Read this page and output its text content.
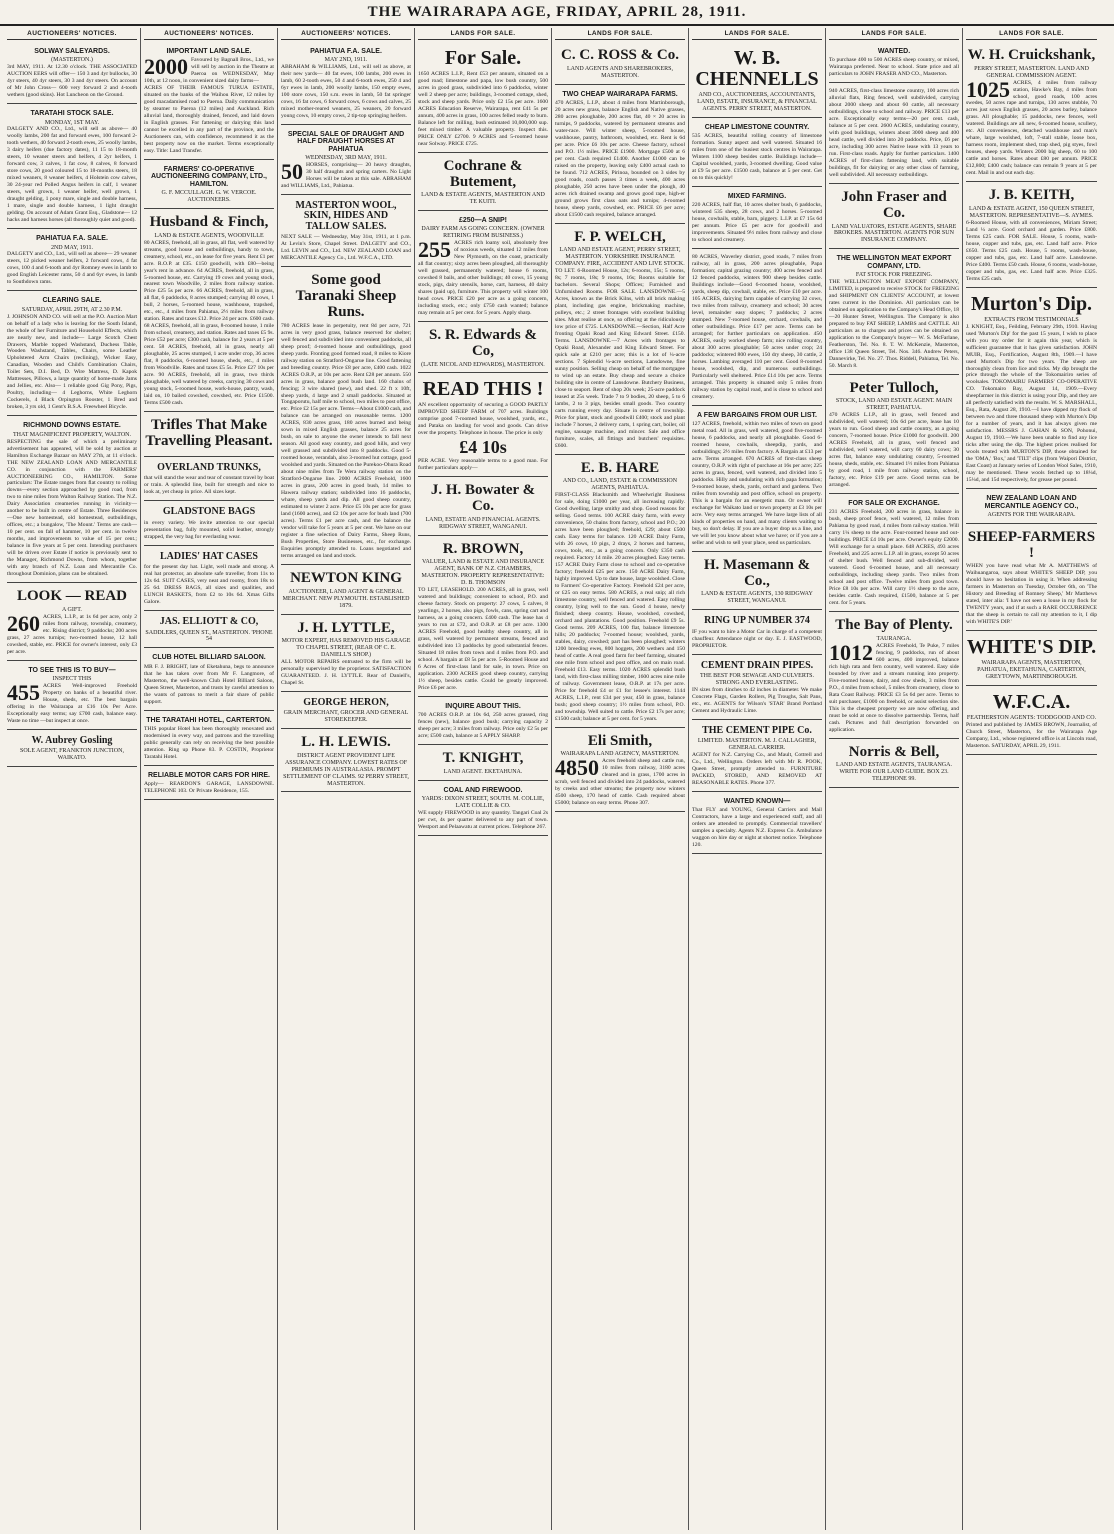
THE WAIRARAPA AGE, FRIDAY, APRIL 28, 1911.
AUCTIONEERS' NOTICES.
SOLWAY SALEYARDS.
(MASTERTON.)
3rd MAY, 1911. At 12.30 o'clock. THE ASSOCIATED AUCTION EERS will offer— 150 3 and 4yr bullocks, 30 4yr steers, 40 4yr steers, 30 3 and 4yr steers. On account of Mr John Cross— 600 very forward 2 and 4-tooth wethers (good skins). Hot Luncheon on the Ground.
TARATAHI STOCK SALE.
MONDAY, 1ST MAY.
DALGETY AND CO., Ltd., will sell as above— 40 woolly lambs, 200 fat and forward ewes, 100 forward 2-tooth wethers, 40 forward 2-tooth ewes, 25 woolly lambs, 3 dairy heifers (due factory dates), 11 15 to 18-month steers, 10 weaner steers and heifers, 4 2yr heifers, 1 forward cow, 3 calves, 1 fat cow, 8 calves, 8 forward store cows, 20 good coloured 15 to 18-months steers, 18 mixed weaners, 8 weaner heifers, 4 Holstein cow calves, 30 24-year red Polled Angus heifers in calf, 1 weaner steers, well grown, 1 weaner heifer, well grown, 1 draught gelding, 1 pony mare, single and double harness, 1 mare, single and double harness, 1 light draught gelding. On account of Adam Grant Esq., Gladstone— 12 hacks and harness horses (all thoroughly quiet and good).
PAHIATUA F.A. SALE.
2ND MAY, 1911.
DALGETY and CO., Ltd., will sell as above— 29 weaner steers, 12 picked weaner heifers, 2 forward cows, 4 fat cows, 100 4 and 6-tooth and 4yr Romney ewes in lamb to good English Leicester rams, 50 4 and 6yr ewes, in lamb to Southdown rams.
CLEARING SALE.
SATURDAY, APRIL 29TH, AT 2.30 P.M.
J. JOHNSON AND CO. will sell at the P.O. Auction Mart on behalf of a lady who is leaving for the South Island, the whole of her Furniture and Household Effects, which are nearly new, and include— Large Scotch Chest Drawers, Marble topped Washstand, Duchess Table, Wooden Washstand, Tables, Chairs, some Leather Upholstered Arm Chairs (reclining), Wicker Easy, Canadian, Wooden and Child's Combination Chairs, Toilet Sets, D.I. Bed, D. Wire Mattress, D. Kapok Mattresses, Pillows, a large quantity of home-made Jams and Jellies, etc. Also— 1 reliable good Gig Pony, Pigs, Poultry, including— 4 Leghorns, White Leghorn Cockerels, 4 Black Orpington Rooster, 1 Bred and broken, 3 yrs old, 1 Gent's B.S.A. Freewheel Bicycle.
RICHMOND DOWNS ESTATE.
THAT MAGNIFICENT PROPERTY, WALTON.
RESPECTING the sale of which a preliminary advertisement has appeared, will be sold by auction at Hamilton Exchange Bazaar on MAY 27th, at 11 o'clock. THE NEW ZEALAND LOAN AND MERCANTILE CO. in conjunction with the FARMERS' AUCTIONEERING CO., HAMILTON. Some particulars: The Estate ranges from flat country to rolling downs—every section approached by good road, from two to nine miles from Walton Railway Station. The N.Z. Dairy Association creameries running in vicinity—another to be built in centre of Estate. Three Residences —One new homestead, old homestead, outbuildings, offices, etc.; a bungalow, 'The Mount.' Terms are cash—10 per cent. on fall of hammer, 10 per cent. in twelve months, and improvements to value of 15 per cent.; balance in five years at 5 per cent. Intending purchasers will be driven over Estate if notice is previously sent to the Manager, Richmond Downs, from whom, together with any branch of N.Z. Loan and Mercantile Co. throughout Dominion, plans can be obtained.
LOOK — READ
A GIFT.
260 ACRES, L.I.P., at 1s 6d per acre, only 2 miles from railway, township, creamery, etc. Rising district; 9 paddocks; 200 acres grass, 27 acres turnips; two-roomed house, 12 hall cowshed, stable, etc. PRICE for owner's interest, only £3 per acre.
TO SEE THIS IS TO BUY—
INSPECT THIS
455 ACRES Well-improved Freehold Property on banks of a beautiful river. House, sheds, etc. The best bargain offering in the Wairarapa at £16 10s Per Acre. Exceptionally easy terms; say £700 cash, balance easy. Waste no time —but inspect at once.
W. Aubrey Gosling
SOLE AGENT, FRANKTON JUNCTION, WAIKATO.
AUCTIONEERS' NOTICES.
IMPORTANT LAND SALE.
2000 Favoured by Bagnall Bros., Ltd., we will sell by auction in the Theatre at Paeroa on WEDNESDAY, May 10th, at 12 noon, in convenient sized dairy farms—
ACRES OF THEIR FAMOUS TURUA ESTATE, situated on the banks of the Waihou River, 12 miles by good macadamised road to Paeroa. Daily communication by steamer to Paeroa (12 miles) and Auckland. Rich alluvial land, thoroughly drained, fenced, and laid down in English grasses. For fattening or dairying this land cannot be excelled in any part of the province, and the Auctioneers can, with confidence, recommend it as the best property now on the market. Terms exceptionally easy. Title: Land Transfer.
FARMERS' CO-OPERATIVE AUCTIONEERING COMPANY, LTD., HAMILTON.
G. F. MCCULLAGH. G. W. VERCOE. AUCTIONEERS.
Husband & Finch,
LAND & ESTATE AGENTS, WOODVILLE
80 ACRES, freehold, all in grass, all flat, well watered by streams, good house and outbuildings, handy to town, creamery, school, etc., on lease for five years. Rent £1 per acre. R.O.P. at £35. £150 goodwill, with £80—being year's rent in advance. 64 ACRES, freehold, all in grass, 5-roomed house, etc. Carrying 19 cows and young stock, nearest town Woodville, 2 miles from railway station. Price £25 5s per acre. 66 ACRES, freehold, all in grass, all flat, 6 paddocks, 8 acres stumped; carrying 40 cows, 1 bull, 2 horses, 5-roomed house, washhouse, trapshed, etc., etc., 4 miles from Pahiatua, 2½ miles from railway station. Rates and taxes £12. Price 24 per acre. £600 cash. 68 ACRES, freehold, all in grass, 8-roomed house, 1 mile from school, creamery, and station. Rates and taxes £5 9s. Price £52 per acre; £300 cash, balance for 2 years at 5 per cent. 58 ACRES, freehold, all in grass, nearly all ploughable, 25 acres stumped, 1 acre under crop, 36 acres flat, 8 paddocks, 6-roomed house, sheds, etc., 4 miles from Woodville. Rates and taxes £5 5s. Price £27 10s per acre. 90 ACRES, freehold, all in grass, two thirds ploughable, well watered by creeks, carrying 30 cows and young stock, 5-roomed house, work-house, pantry, wash, laid on, 10 bailed cowshed, cowshed, etc. Price £1500. Terms £500 cash.
Trifles That Make Travelling Pleasant.
OVERLAND TRUNKS,
that will stand the wear and tear of constant travel by boat or train. A splendid line, built for strength and nice to look at, yet cheap in price. All sizes kept.
GLADSTONE BAGS
in every variety. We invite attention to our special presentation bag, fully mounted, solid leather, strongly strapped, the very bag for everlasting wear.
LADIES' HAT CASES
for the present day hat. Light, well made and strong. A real hat protector, an absolute safe traveller, from 11s to 12s 6d. SUIT CASES, very neat and roomy, from 18s to 25 6d. DRESS BAGS, all sizes and qualities, and LUNCH BASKETS, from £2 to 10s 6d. Xmas Gifts Galore.
JAS. ELLIOTT & CO,
SADDLERS, QUEEN ST., MASTERTON. 'PHONE 54
CLUB HOTEL BILLIARD SALOON.
MR F. J. BRIGHT, late of Eketahuna, begs to announce that he has taken over from Mr F. Langmore, of Masterton, the well-known Club Hotel Billiard Saloon, Queen Street, Masterton, and trusts by careful attention to the wants of patrons to merit a fair share of public support.
THE TARATAHI HOTEL, CARTERTON.
THIS popular Hotel has been thoroughly renovated and modernised in every way, and patrons and the travelling public generally can rely on receiving the best possible attention. Ring up Phone 83. P. COSTIN, Proprietor Taratahi Hotel.
RELIABLE MOTOR CARS FOR HIRE.
Apply— REARDON'S GARAGE, LANSDOWNE. TELEPHONE 103. Or Private Residence, 155.
AUCTIONEERS' NOTICES.
PAHIATUA F.A. SALE.
MAY 2ND, 1911.
ABRAHAM & WILLIAMS, Ltd., will sell as above, at their new yards— 40 fat ewes, 100 lambs, 200 ewes in lamb, 60 2-tooth ewes, 50 4 and 6-tooth ewes, 250 4 and 6yr ewes in lamb, 200 woolly lambs, 150 empty ewes, 100 store cows, 150 s.m. ewes in lamb, 50 fat springer cows, 16 fat cows, 6 forward cows, 6 cows and calves, 25 mixed mother-reared weaners, 25 weaners, 20 forward young cows, 10 empty cows, 2 tip-top springing heifers.
SPECIAL SALE OF DRAUGHT AND HALF DRAUGHT HORSES AT PAHIATUA
WEDNESDAY, 3RD MAY, 1911.
50 HORSES, comprising— 20 heavy draughts, 30 half draughts and spring carters. No Light Horses will be taken at this sale. ABRAHAM and WILLIAMS, Ltd., Pahiatua.
MASTERTON WOOL, SKIN, HIDES AND TALLOW SALES.
NEXT SALE — Wednesday, May 31st, 1911, at 1 p.m. At Levin's Store, Chapel Street. DALGETY and CO., Ltd. LEVIN and CO., Ltd. NEW ZEALAND LOAN and MERCANTILE Agency Co., Ltd. W.F.C.A., LTD.
Some good Taranaki Sheep Runs.
780 ACRES lease in perpetuity, rent 8d per acre, 721 acres in very good grass, balance reserved for shelter; well fenced and subdivided into convenient paddocks, all sheep proof; 4-roomed house and outbuildings, good sheep yards. Fronting good formed road, 8 miles to Kiore railway station on Stratford-Ongarue line. Good fattening and breeding country. Price £8 per acre, £400 cash. 1022 ACRES O.R.P., at 10s per acre. Rent £28 per annum. 550 acres in grass, balance good bush land. 160 chains of fencing; 3 wire shared (new), and shed. 22 ft x 10ft, sheep yards, 4 large and 2 small paddocks. Situated at Tongaporutu, half mile to school, two miles to post office, etc. Price £2 15s per acre. Terms—About £1000 cash, and balance can be arranged on reasonable terms. 1200 ACRES, 830 acres grass, 180 acres burned and being sown in mixed English grasses, balance 25 acres for bush, on sale to anyone the owner intends to fall next season. All good easy country, and good hills, and very well grassed and subdivided into 8 paddocks. Good 5-roomed house, verandah, also 3-roomed hut cottage, good woolshed and yards. Situated on the Purekoo-Ohura Road about nine miles from Te Wera railway station on the Stratford-Ongarue line. 2000 ACRES Freehold, 1600 acres in grass, 200 acres in good bush, 14 miles to Hawera railway station; subdivided into 16 paddocks, whare, sheep yards and dip. All good sheep country, estimated to winter 2 acre. Price £5 10s per acre for grass land (1600 acres), and £2 10s per acre for bush land (700 acres). Terms £1 per acre cash, and the balance the vendor will take for 5 years at 5 per cent. We have on our register a fine selection of Dairy Farms, Sheep Runs, Bush Properties, Store Businesses, etc., for exchange. Enquiries promptly attended to. Loans negotiated and terms arranged on land and stock.
NEWTON KING
AUCTIONEER, LAND AGENT & GENERAL MERCHANT. NEW PLYMOUTH. ESTABLISHED 1879.
J. H. LYTTLE,
MOTOR EXPERT, HAS REMOVED HIS GARAGE TO CHAPEL STREET, (REAR OF C. E. DANIELL'S SHOP.)
ALL MOTOR REPAIRS entrusted to the firm will be personally supervised by the proprietor. SATISFACTION GUARANTEED. J. H. LYTTLE. Rear of Daniell's, Chapel St.
GEORGE HERON,
GRAIN MERCHANT, GROCER AND GENERAL STOREKEEPER.
L. H. LEWIS.
DISTRICT AGENT PROVIDENT LIFE ASSURANCE COMPANY. LOWEST RATES OF PREMIUMS IN AUSTRALASIA. PROMPT SETTLEMENT OF CLAIMS. 92 PERRY STREET, MASTERTON.
LANDS FOR SALE.
For Sale.
1650 ACRES L.I.P., Rent £53 per annum, situated on a good road; limestone and papa, low bush country, 500 acres in good grass, subdivided into 6 paddocks, winter well 2 sheep per acre; buildings, 3-roomed cottage, shed, stock and sheep yards. Price only £2 15s per acre. 1600 ACRES Education Reserve, Wairarapa, rent £41 5s per annum, 400 acres in grass, 100 acres felled ready to burn. Balance left for milling, bush estimated 10,000,000 sup. feet mixed timber. A valuable property. Inspect this. PRICE ONLY £2700. 9 ACRES and 5-roomed house near Solway. PRICE £725.
Cochrane & Butement,
LAND & ESTATE AGENTS, MASTERTON AND TE KUITI.
£250—A SNIP!
DAIRY FARM AS GOING CONCERN. (OWNER RETIRING FROM BUSINESS.)
255 ACRES rich loamy soil, absolutely free of noxious weeds, situated 12 miles from New Plymouth, on the coast, practically all flat country; sixty acres been ploughed, all thoroughly well grassed, permanently watered; house 6 rooms, cowshed 8 bails, and other buildings; 40 cows, 15 young stock, pigs, dairy utensils, horse, cart, harness, 40 dairy shares (paid up), furniture. This property will winter 100 head cows. PRICE £20 per acre as a going concern, including stock, etc.; only £750 cash wanted; balance may remain at 5 per cent. for 5 years. Apply sharp.
S. R. Edwards & Co,
(LATE NICOL AND EDWARDS), MASTERTON.
READ THIS !
AN excellent opportunity of securing a GOOD PARTLY IMPROVED SHEEP FARM of 707 acres. Buildings comprise good 7-roomed house, woolshed, yards, etc., and Pataka on landing for wool and goods. Can drive over the property. Telephone in house. The price is only
£4 10s
PER ACRE. Very reasonable terms to a good man. For further particulars apply—
J. H. Bowater & Co.
LAND, ESTATE AND FINANCIAL AGENTS. RIDGWAY STREET, WANGANUI.
R. BROWN,
VALUER, LAND & ESTATE AND INSURANCE AGENT, BANK OF N.Z. CHAMBERS, MASTERTON. PROPERTY REPRESENTATIVE: D. B. THOMSON
TO LET, LEASEHOLD. 200 ACRES, all in grass, well watered and buildings; convenient to school, P.O. and cheese factory. Stock on property: 27 cows, 5 calves, 8 yearlings, 2 horses, also pigs, fowls, cans, spring cart and harness, as a going concern. £400 cash. The lease has 4 years to run at £72, and O.R.P. at £8 per acre. 1300 ACRES Freehold, good healthy sheep country, all in grass, well watered by permanent streams, fenced and subdivided into 13 paddocks by good substantial fences. Situated 18 miles from town and 4 miles from P.O. and school. A bargain at £8 5s per acre. 5-Roomed House and 6 Acres of first-class land for sale, in town. Price on application. 2300 ACRES good sheep country, carrying 1½ sheep, besides cattle. Could be greatly improved. Price £6 per acre.
INQUIRE ABOUT THIS.
700 ACRES O.R.P. at 10s 6d, 250 acres grassed, ring fences (new), balance good bush; carrying capacity 2 sheep per acre; 3 miles from railway. Price only £2 5s per acre; £500 cash, balance at 5 APPLY SHARP.
T. KNIGHT,
LAND AGENT. EKETAHUNA.
COAL AND FIREWOOD.
YARDS: DIXON STREET, SOUTH. M. COLLIE, LATE COLLIE & CO.
WE supply FIREWOOD in any quantity. Tangari Coal 2s per cwt, 4s per quarter delivered to any part of town. Westport and Pelaawatu at current prices. Telephone 267.
LANDS FOR SALE.
C. C. ROSS & Co.
LAND AGENTS AND SHAREBROKERS, MASTERTON.
TWO CHEAP WAIRARAPA FARMS.
470 ACRES, L.I.P., about 4 miles from Martinborough, 20 acres new grass, balance English and Native grasses, 280 acres ploughable, 200 acres flat, 40 × 20 acres in turnips, 9 paddocks, watered by permanent streams and water-race. Will winter sheep, 5-roomed house, washhouse, pantry, bathroom, woolshed, etc. Rent is 6d per acre. Price £6 10s per acre. Cheese factory, school and P.O. 1½ miles. PRICE £1900. Mortgage £500 at 6 per cent. Cash required £1400. Another £1000 can be raised on the property, leaving only £400 actual cash to be found. 712 ACRES, Pirinoa, bounded on 3 sides by good roads, coach passes 3 times a week, 400 acres ploughable, 250 acres have been under the plough, 40 acres rich drained swamp and grows good rape, high-er ground grows first class oats and turnips; 4-roomed house, sheep yards, cowshed, etc. PRICE £6 per acre; about £1500 cash required, balance arranged.
F. P. WELCH,
LAND AND ESTATE AGENT, PERRY STREET, MASTERTON. YORKSHIRE INSURANCE COMPANY. FIRE, ACCIDENT AND LIVE STOCK.
TO LET. 6-Roomed House, 12s; 6-rooms, 15s; 5 rooms, 8s; 7 rooms, 18s; 9 rooms, 16s; Rooms suitable for bachelors. Several Shops; Offices; Furnished and Unfurnished Rooms. FOR SALE. LANSDOWNE.—5 Acres, known as the Brick Kilns, with all brick making plant, including gas engine, brickmaking machine, pulleys, etc.; 2 street frontages with excellent building sites. Must realise at once, so offering at the ridiculously low price of £725. LANSDOWNE.—Section, Half Acre fronting Opaki Road and King Edward Street. £150. Terms. LANSDOWNE.—7 Acres with frontages to Opaki Road, Alexander and King Edward Street. For quick sale at £210 per acre; this is a lot of ¼-acre sections. 7 Splendid ¼-acre sections, Lansdowne, fine sunny position. Selling cheap on behalf of the mortgagee to wind up an estate. Buy cheap and secure a choice building site in centre of Lansdowne. Butchery Business, close to seaport. Rent of shop 20s week; 25-acre paddock leased at 25s week. Trade 7 to 9 bodies, 20 sheep, 5 to 6 lambs, 2 to 3 pigs, besides small goods. Two country carts running every day. Situate in centre of township. Price for plant, stock and goodwill £400; stock and plant include 7 horses, 2 delivery carts, 1 spring cart, boiler, oil engine, sausage machine, and mincer. Sale and office furniture, scales, all fittings and butchers' requisites. £600.
E. B. HARE
AND CO., LAND, ESTATE & COMMISSION AGENTS, PAHIATUA.
FIRST-CLASS Blacksmith and Wheelwright Business for sale, doing £1000 per year, all increasing rapidly. Good dwelling, large smithy and shop. Good reasons for selling. Good terms. 100 ACRE dairy farm, with every convenience, 50 chains from factory, school and P.O.; 20 acres have been ploughed; freehold, £29; about £500 cash. Easy terms for balance. 120 ACRE Dairy Farm, with 26 cows, 10 pigs, 2 drays, 2 horses and harness, cows, tools, etc., as a going concern. Only £350 cash required. Factory 14 mile. 20 acres ploughed. Easy terms. 157 ACRE Dairy Farm close to school and co-operative factory; freehold £25 per acre. 150 ACRE Dairy Farm, highly improved. Up to date house, large woolshed. Close to Farmers' Co-operative Factory. Freehold £24 per acre, or £25 on easy terms. 580 ACRES, a real snip; all rich limestone country, well fenced and watered. Easy rolling country, lying well to the sun. Good 4 house, newly finished; sheep country. House, woolshed, cowshed, orchard and plantations. Good position. Freehold £9 5s. Good terms. 209 ACRES, 100 flat, balance limestone hills; 20 paddocks; 7-roomed house; woolshed, yards, stables, dairy, cowshed; part has been ploughed; winters 1200 breeding ewes, 800 hoggets, 200 wethers and 150 head of cattle. A real good farm for beef farming, situated one mile from school and post office, and on main road. Freehold £13. Easy terms. 1020 ACRES splendid bush land, with first-class milling timber, 1600 acres nine mile of railway. Government lease, O.R.P. at 17s per acre. Price for freehold £4 or £1 for lessee's interest. 1144 ACRES, L.I.P., rent £34 per year, 450 in grass, balance bush; good sheep country; 1½ miles from school, P.O. and township. Well suited to cattle. Price £2 17s per acre; £1500 cash; balance at 5 per cent. for 5 years.
Eli Smith,
WAIRARAPA LAND AGENCY, MASTERTON.
4850 Acres freehold sheep and cattle run, 10 miles from railway, 3180 acres cleared and in grass, 1700 acres in scrub, well fenced and divided into 24 paddocks, watered by creeks and other streams; the property now winters 4500 sheep, 170 head of cattle. Cash required about £5000; balance on easy terms. Phone 307.
LANDS FOR SALE.
W. B. CHENNELLS
AND CO., AUCTIONEERS, ACCOUNTANTS, LAND, ESTATE, INSURANCE, & FINANCIAL AGENTS. PERRY STREET, MASTERTON.
CHEAP LIMESTONE COUNTRY.
535 ACRES, beautiful rolling country of limestone formation. Sunny aspect and well watered. Situated 16 miles from one of the busiest stock centres in Wairarapa. Winters 1100 sheep besides cattle. Buildings include— Capital woolshed, yards, 3-roomed dwelling. Good value at £9 5s per acre. £1500 cash, balance at 5 per cent. Get on to this quickly!
MIXED FARMING.
220 ACRES, half flat, 10 acres shelter bush, 6 paddocks, wintered 535 sheep, 28 cows, and 2 horses. 5-roomed house, cowbails, stable, barn, piggery. L.I.P. at £7 15s 6d per annum. Price £5 per acre for goodwill and improvements. Situated 9½ miles from railway and close to school and creamery.
80 ACRES, Waverley district, good roads, 7 miles from railway, all in grass, 200 acres ploughable, Papa formation; capital grazing country; 400 acres fenced and 12 fenced paddocks, winters 900 sheep besides cattle. Buildings include—Good 6-roomed house, woolshed, yards, sheep dip, cowbail, stable, etc. Price £10 per acre. 105 ACRES, dairying farm capable of carrying 32 cows, two miles from railway, creamery and school; 30 acres level, remainder easy slopes; 7 paddocks; 2 acres stumped. New 7-roomed house, orchard, cowbails, and other outbuildings. Price £17 per acre. Terms can be arranged; for further particulars on application. 450 ACRES, easily worked sheep farm; nice rolling country, about 300 acres ploughable; 50 acres under crop; 24 paddocks; wintered 800 ewes, 150 dry sheep, 30 cattle, 2 horses. Lambing averaged 110 per cent. Good 8-roomed house, woolshed, dip, and numerous outbuildings. Particularly well sheltered. Price £14 10s per acre. Terms arranged. This property is situated only 5 miles from railway station by capital road, and is close to school and creamery.
A FEW BARGAINS FROM OUR LIST.
127 ACRES, freehold, within two miles of town on good metal road. All in grass, well watered, good five-roomed house, 6 paddocks, and nearly all ploughable. Good 6-roomed house, cowbails, sheepdip, yards, and outbuildings; 2½ miles from factory. A Bargain at £13 per acre. Terms arranged. 670 ACRES of first-class sheep country, O.R.P. with right of purchase at 16s per acre; 225 acres in grass, fenced, well watered, and divided into 5 paddocks. Hilly and undulating with rich papa formation; 9-roomed house, sheds, yards, orchard and gardens. Two miles from township and post office, school on property. This is a bargain for an energetic man. Or owner will exchange for Waikato land or town property at £3 10s per acre. Very easy terms arranged. We have large lists of all kinds of properties on hand, and many clients waiting to buy, so don't delay. If you are a buyer drop us a line, and we will let you know about what we have; or if you are a seller and wish to sell your place, send us particulars.
H. Masemann & Co.,
LAND & ESTATE AGENTS, 130 RIDGWAY STREET, WANGANUI.
RING UP NUMBER 374
IF you want to hire a Motor Car in charge of a competent chauffeur. Attendance night or day. E. J. EASTWOOD, PROPRIETOR.
CEMENT DRAIN PIPES.
THE BEST FOR SEWAGE AND CULVERTS. STRONG AND EVERLASTING.
IN sizes from 4inches to 42 inches in diameter. We make Concrete Flags, Garden Rollers, Pig Troughs, Salt Pans, etc., etc. AGENTS for Wilson's 'STAR' Brand Portland Cement and Hydraulic Lime.
THE CEMENT PIPE Co.
LIMITED. MASTERTON. M. J. CALLAGHER, GENERAL CARRIER.
AGENT for N.Z. Carrying Co., and Mault, Cottrell and Co., Ltd., Wellington. Orders left with Mr R. POOK, Queen Street, promptly attended to. FURNITURE PACKED, STORED, AND REMOVED AT REASONABLE RATES. Phone 377.
WANTED KNOWN—
That FLY and YOUNG, General Carriers and Mail Contractors, have a large and experienced staff, and all orders are attended to promptly. Commercial travellers' samples a specialty. Agents N.Z. Express Co. Ambulance waggon on hire day or night at shortest notice. Telephone 120.
LANDS FOR SALE.
WANTED.
To purchase 400 to 500 ACRES sheep country, or mixed, Wairarapa preferred. Near to school. State price and all particulars to JOHN FRASER AND CO., Masterton.
940 ACRES, first-class limestone country, 100 acres rich alluvial flats, Ring fenced, well subdivided, carrying about 2000 sheep and about 60 cattle, all necessary outbuildings, close to school and railway. PRICE £13 per acre. Exceptionally easy terms—20 per cent. cash, balance at 5 per cent. 2600 ACRES, undulating country, with good buildings, winters about 3000 sheep and 400 head cattle, well divided into 20 paddocks. Price, £6 per acre, including 300 acres Native lease with 13 years to run. First-class roads. Apply for further particulars. 1400 ACRES of first-class fattening land, with suitable buildings, fit for dairying or any other class of farming, well subdivided. All necessary outbuildings.
John Fraser and Co.
LAND VALUATORS, ESTATE AGENTS, SHARE BROKERS. MASTERTON. AGENTS FOR SUN INSURANCE COMPANY.
THE WELLINGTON MEAT EXPORT COMPANY, LTD.
FAT STOCK FOR FREEZING.
THE WELLINGTON MEAT EXPORT COMPANY, LIMITED, is prepared to receive STOCK for FREEZING and SHIPMENT ON CLIENTS' ACCOUNT, at lowest rates current in the Dominion. All particulars can be obtained on application to the Company's Head Office, 18—20 Hunter Street, Wellington. The Company is also prepared to buy FAT SHEEP, LAMBS and CATTLE. All particulars as to charges and prices can be obtained on application to the Company's buyer— W. S. McFarlane, Featherston, Tel. No. 8. T. W. McKenzie, Masterton, office 138 Queen Street, Tel. Nos. 346. Andrew Peters, Dannevirke, Tel. No. 27. Thos. Riddell, Pahiatua, Tel. No. 50. March 8.
Peter Tulloch,
STOCK, LAND AND ESTATE AGENT. MAIN STREET, PAHIATUA.
470 ACRES L.I.P., all in grass, well fenced and subdivided, well watered; 10s 6d per acre, lease has 10 years to run. Good sheep and cattle country, as a going concern, 7-roomed house. Price £1000 for goodwill. 200 ACRES Freehold, all in grass, well fenced and subdivided, well watered, will carry 60 dairy cows; 30 acres flat, balance easy undulating country, 5-roomed house, sheds, stable, etc. Situated 1½ miles from Pahiatua by good road, 1 mile from railway station, school, factory, etc. Price £19 per acre. Good terms can be arranged.
FOR SALE OR EXCHANGE.
231 ACRES Freehold, 200 acres in grass, balance in bush, sheep proof fence, well watered, 12 miles from Pahiatua by good road, 4 miles from railway station. Will carry 1¼ sheep to the acre. Four-roomed house and out-buildings. PRICE £4 10s per acre. Owner's equity £2000. Will exchange for a small place. 648 ACRES, 493 acres Freehold, and 225 acres L.I.P. all in grass, except 50 acres of shelter bush. Well fenced and sub-divided, well watered. Good 6-roomed house, and all necessary outbuildings, including sheep yards. Two miles from school and post office. Twelve miles from good town. Price £8 10s per acre. Will carry 1½ sheep to the acre, besides cattle. Cash required, £1500, balance at 5 per cent. for 5 years.
The Bay of Plenty.
TAURANGA.
1012 ACRES Freehold, Te Puke, 7 miles fencing, 9 paddocks, run of about 600 acres, 400 improved, balance rich high rata and fern country, well watered. Easy side bounded by river and a stream running into property. Five-roomed house, dairy, and cow sheds, 3 miles from P.O., 4 miles from school, 5 miles from creamery, close to Rata Coast Railway. PRICE £3 5s 6d per acre. Terms to suit purchaser, £1000 on freehold, or assist selection site. This is the cheapest property we are now offering, and must be sold at once to dissolve partnership. Terms, half cash. Pictures and full description forwarded on application.
Norris & Bell,
LAND AND ESTATE AGENTS, TAURANGA. WRITE FOR OUR LAND GUIDE. BOX 23. TELEPHONE 99.
LANDS FOR SALE.
W. H. Cruickshank,
PERRY STREET, MASTERTON. LAND AND GENERAL COMMISSION AGENT.
1025 ACRES, 4 miles from railway station, Hawke's Bay, 4 miles from school, good roads, 100 acres swedes, 50 acres rape and turnips, 130 acres stubble, 70 acres just sown English grasses, 20 acres barley, balance grass. All ploughable; 15 paddocks, new fences, well watered. Buildings are all new, 6-roomed house, scullery, etc. All conveniences, detached washhouse and man's whare, large woolshed, loft, 7-stall stable, loose box, harness room, implement shed, trap shed, pig styes, fowl houses, sheep yards. Winters 2000 big sheep, 60 to 100 cattle and horses. Rates about £80 per annum. PRICE £12,800; £400 cash; balance can remain 9 years at 5 per cent. Mail in and out each day.
J. B. KEITH,
LAND & ESTATE AGENT, 150 QUEEN STREET, MASTERTON. REPRESENTATIVE—S. AYMES.
6-Roomed House, with all conveniences, Miriam Street; Land ¼ acre. Good orchard and garden. Price £800. Terms £25 cash. FOR SALE. House, 5 rooms, wash-house, copper and tubs, gas, etc. Land half acre. Price £650. Terms £25 cash. House, 5 rooms, wash-house, copper and tubs, gas, etc. Land half acre. Lansdowne. Price £400. Terms £50 cash. House, 6 rooms, wash-house, copper and tubs, gas, etc. Land half acre. Price £325. Terms £25 cash.
Murton's Dip.
EXTRACTS FROM TESTIMONIALS
J. KNIGHT, Esq., Feilding, February 29th, 1910. Having used 'Murton's Dip' for the past 15 years, I wish to place with you my order for it again this year, which is sufficient guarantee that it has given satisfaction. JOHN MUIR, Esq., Fortification, August 8th, 1909.—I have used Murton's Dip for two years. The sheep are thoroughly clean from lice and ticks. My dip brought the price through the whole of the Tokomairiro series of woolsales. TOKOMAIRU FARMERS' CO-OPERATIVE CO. Tokomairo Bay, August 14, 1909.—Every sheepfarmer in this district is using your Dip, and they are all perfectly satisfied with the results. W. S. MARSHALL, Esq., Rata, August 28, 1910.—I have dipped my flock of between two and three thousand sheep with Murton's Dip for a number of years, and it has always given me satisfaction. MESSRS J. GAHAN & SON, Pohonui, August 19, 1910.—We have been unable to find any lice ticks after using the dip. The highest prices realised for wools treated with MURTON'S DIP, those obtained for the 'OMA,' 'Box,' and 'TILT' clips (from Waipori District, East Coast) at January series of London Wool Sales, 1910, may be mentioned. These wools fetched up to 18¼d, 15¼d, and 15d respectively, for grease per pound.
NEW ZEALAND LOAN AND MERCANTILE AGENCY CO.,
AGENTS FOR THE WAIRARAPA.
SHEEP-FARMERS !
WHEN you have read what Mr A. MATTHEWS of Waihuangaroa, says about WHITE'S SHEEP DIP, you should have no hesitation in using it. When addressing farmers in Masterton on Tuesday, October 6th, on 'The History and Breeding of Romney Sheep,' Mr Matthews stated, inter alia: 'I have not seen a louse in my flock for TWENTY years, and if at such a RARE OCCURRENCE that the sheep is certain to call my attention to it, I dip with WHITE'S DIP.'
WHITE'S DIP.
WAIRARAPA AGENTS, MASTERTON, PAHIATUA, EKETAHUNA, CARTERTON, GREYTOWN, MARTINBOROUGH.
W.F.C.A.
FEATHERSTON AGENTS: TODDGOOD AND CO.
Printed and published by JAMES BROWN, Journalist, of Church Street, Masterton, for the Wairarapa Age Company, Ltd., whose registered office is at Lincoln road, Masterton. SATURDAY, APRIL 29, 1911.
